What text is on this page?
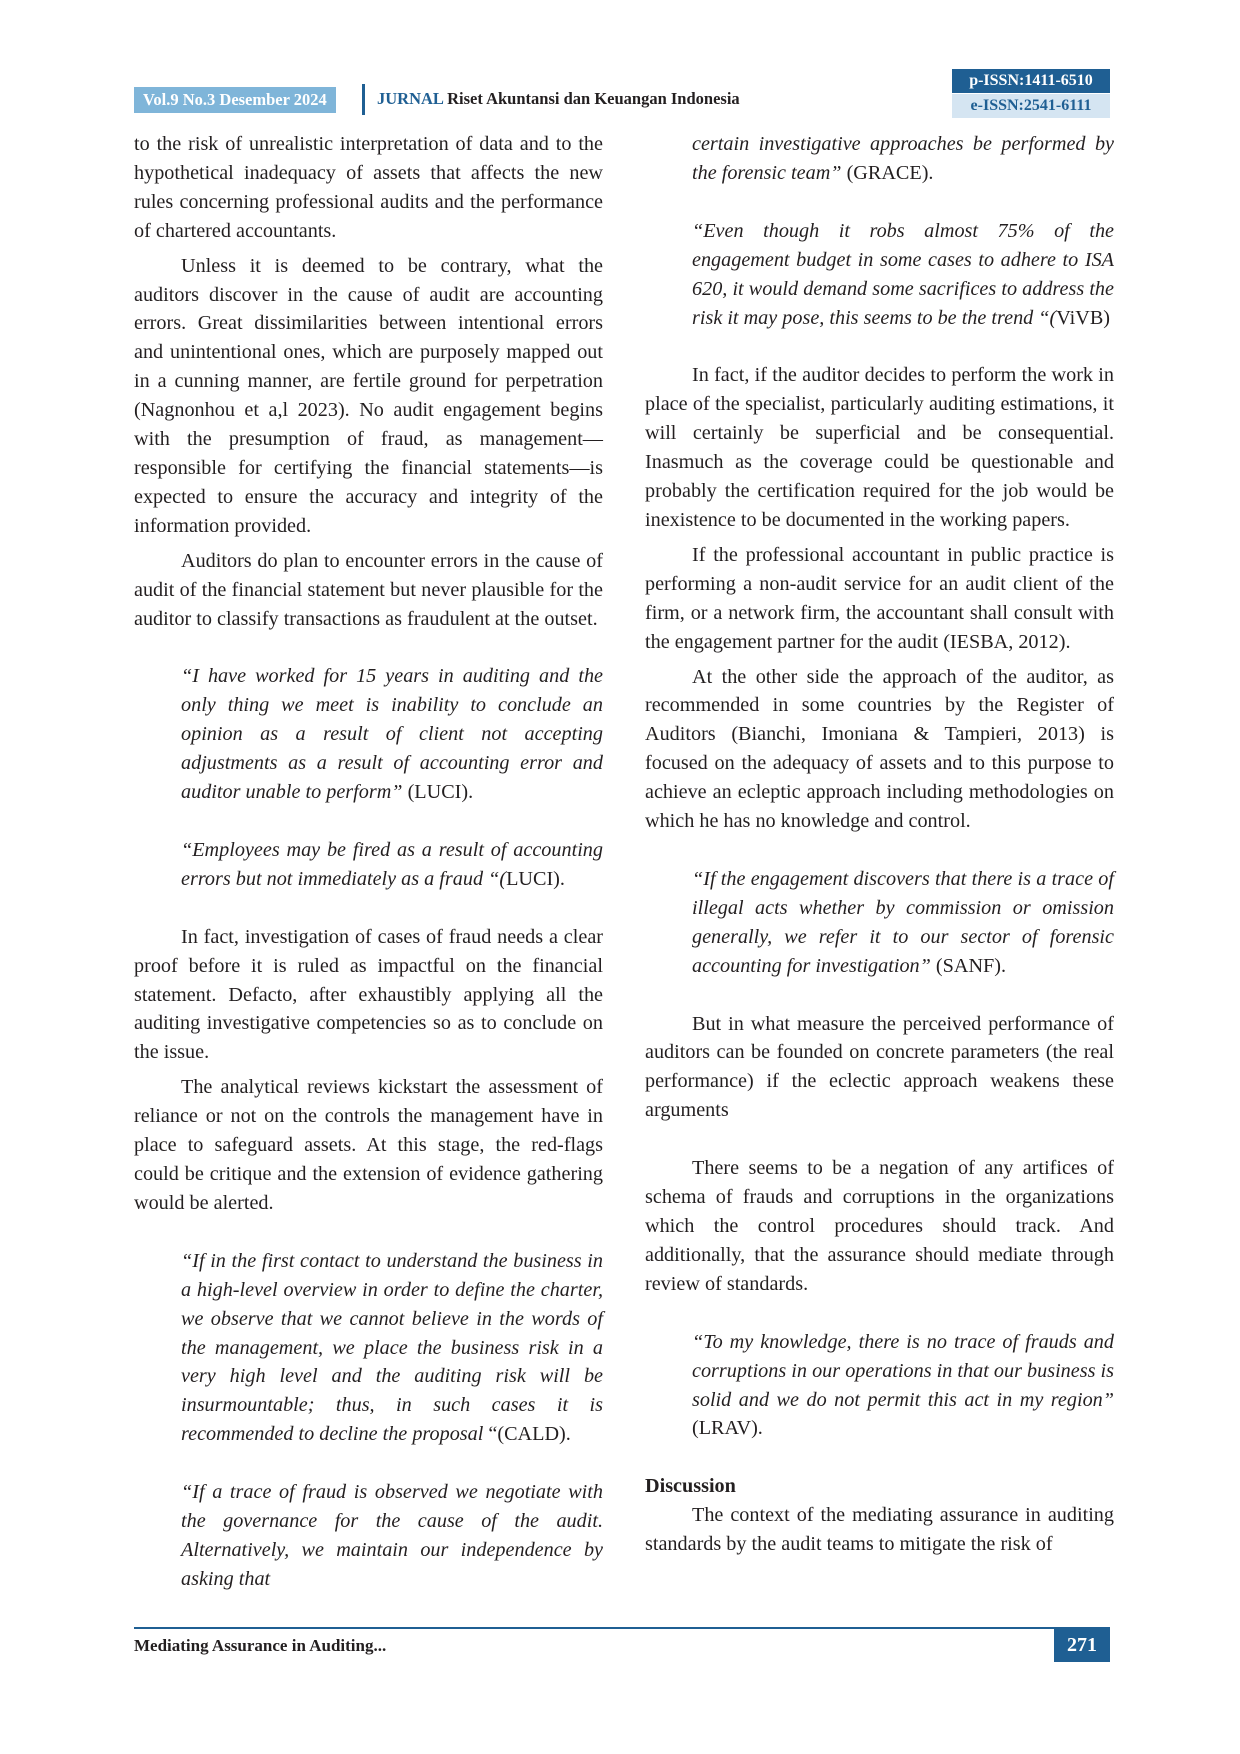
Vol.9 No.3 Desember 2024	JURNAL Riset Akuntansi dan Keuangan Indonesia
p-ISSN:1411-6510
e-ISSN:2541-6111

to the risk of unrealistic interpretation of data and to the hypothetical inadequacy of assets that affects the new rules concerning professional audits and the performance of chartered accountants.

Unless it is deemed to be contrary, what the auditors discover in the cause of audit are accounting errors. Great dissimilarities between intentional errors and unintentional ones, which are purposely mapped out in a cunning manner, are fertile ground for perpetration (Nagnonhou et a,l 2023). No audit engagement begins with the presumption of fraud, as management—responsible for certifying the financial statements—is expected to ensure the accuracy and integrity of the information provided.

Auditors do plan to encounter errors in the cause of audit of the financial statement but never plausible for the auditor to classify transactions as fraudulent at the outset.

“I have worked for 15 years in auditing and the only thing we meet is inability to conclude an opinion as a result of client not accepting adjustments as a result of accounting error and auditor unable to perform” (LUCI).

“Employees may be fired as a result of accounting errors but not immediately as a fraud “(LUCI).

In fact, investigation of cases of fraud needs a clear proof before it is ruled as impactful on the financial statement. Defacto, after exhaustibly applying all the auditing investigative competencies so as to conclude on the issue.

The analytical reviews kickstart the assessment of reliance or not on the controls the management have in place to safeguard assets. At this stage, the red-flags could be critique and the extension of evidence gathering would be alerted.

“If in the first contact to understand the business in a high-level overview in order to define the charter, we observe that we cannot believe in the words of the management, we place the business risk in a very high level and the auditing risk will be insurmountable; thus, in such cases it is recommended to decline the proposal “(CALD).

“If a trace of fraud is observed we negotiate with the governance for the cause of the audit. Alternatively, we maintain our independence by asking that

certain investigative approaches be performed by the forensic team” (GRACE).

“Even though it robs almost 75% of the engagement budget in some cases to adhere to ISA 620, it would demand some sacrifices to address the risk it may pose, this seems to be the trend “(ViVB)

In fact, if the auditor decides to perform the work in place of the specialist, particularly auditing estimations, it will certainly be superficial and be consequential. Inasmuch as the coverage could be questionable and probably the certification required for the job would be inexistence to be documented in the working papers.

If the professional accountant in public practice is performing a non-audit service for an audit client of the firm, or a network firm, the accountant shall consult with the engagement partner for the audit (IESBA, 2012).

At the other side the approach of the auditor, as recommended in some countries by the Register of Auditors (Bianchi, Imoniana & Tampieri, 2013) is focused on the adequacy of assets and to this purpose to achieve an ecleptic approach including methodologies on which he has no knowledge and control.

“If the engagement discovers that there is a trace of illegal acts whether by commission or omission generally, we refer it to our sector of forensic accounting for investigation” (SANF).

But in what measure the perceived performance of auditors can be founded on concrete parameters (the real performance) if the eclectic approach weakens these arguments

There seems to be a negation of any artifices of schema of frauds and corruptions in the organizations which the control procedures should track. And additionally, that the assurance should mediate through review of standards.

“To my knowledge, there is no trace of frauds and corruptions in our operations in that our business is solid and we do not permit this act in my region” (LRAV).

Discussion

The context of the mediating assurance in auditing standards by the audit teams to mitigate the risk of

Mediating Assurance in Auditing...	271
